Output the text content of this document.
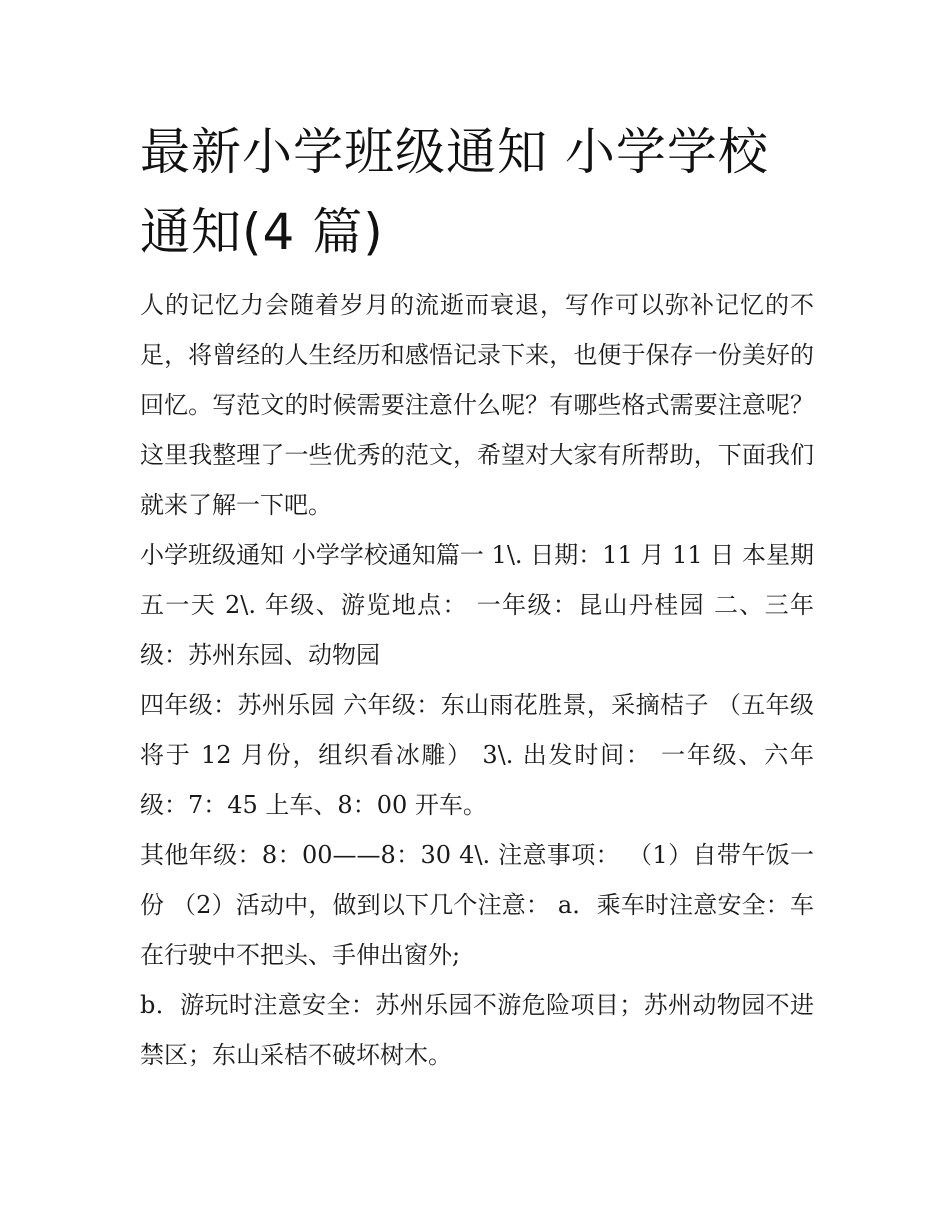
最新小学班级通知 小学学校通知(4 篇)

人的记忆力会随着岁月的流逝而衰退，写作可以弥补记忆的不足，将曾经的人生经历和感悟记录下来，也便于保存一份美好的回忆。写范文的时候需要注意什么呢？有哪些格式需要注意呢？这里我整理了一些优秀的范文，希望对大家有所帮助，下面我们就来了解一下吧。

小学班级通知 小学学校通知篇一 1\. 日期：11 月 11 日 本星期五一天 2\. 年级、游览地点： 一年级：昆山丹桂园 二、三年级：苏州东园、动物园

四年级：苏州乐园 六年级：东山雨花胜景，采摘桔子 （五年级将于 12 月份，组织看冰雕） 3\. 出发时间： 一年级、六年级：7：45 上车、8：00 开车。

其他年级：8：00——8：30 4\. 注意事项： （1）自带午饭一份 （2）活动中，做到以下几个注意： a．乘车时注意安全：车在行驶中不把头、手伸出窗外;

b．游玩时注意安全：苏州乐园不游危险项目；苏州动物园不进禁区；东山采桔不破坏树木。
